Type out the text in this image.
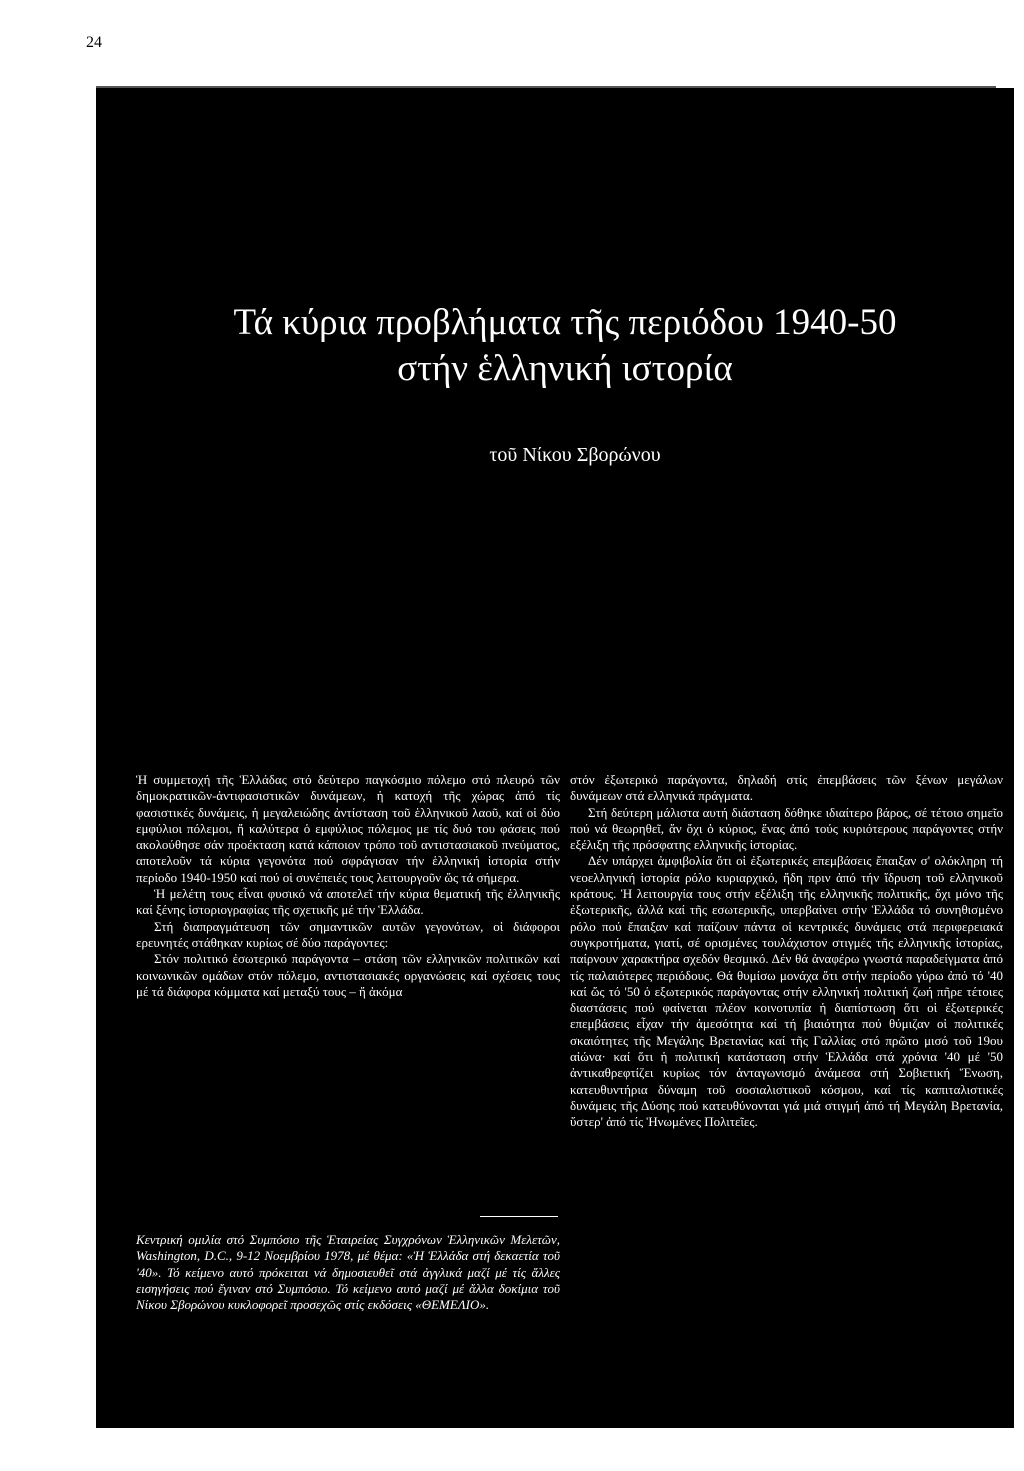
24
Τά κύρια προβλήματα τῆς περιόδου 1940-50
στήν ἑλληνική ιστορία
τοῦ Νίκου Σβορώνου

Ἡ συμμετοχή τῆς Ἑλλάδας στό δεύτερο παγκόσμιο πόλεμο στό πλευρό τῶν δημοκρατικῶν-ἀντιφασιστικῶν δυνάμεων, ἡ κατοχή τῆς χώρας ἀπό τίς φασιστικές δυνάμεις, ἡ μεγαλειώδης ἀντίσταση τοῦ ἑλληνικοῦ λαοῦ, καί οἱ δύο εμφύλιοι πόλεμοι, ἤ καλύτερα ὁ εμφύλιος πόλεμος με τίς δυό του φάσεις πού ακολούθησε σάν προέκταση κατά κάποιον τρόπο τοῦ αντιστασιακοῦ πνεύματος, αποτελοῦν τά κύρια γεγονότα πού σφράγισαν τήν ἑλληνική ἱστορία στήν περίοδο 1940-1950 καί πού οἱ συνέπειές τους λειτουργοῦν ὥς τά σήμερα.

Ἡ μελέτη τους εἶναι φυσικό νά αποτελεῖ τήν κύρια θεματική τῆς ἑλληνικῆς καί ξένης ἱστοριογραφίας τῆς σχετικῆς μέ τήν Ἑλλάδα.

Στή διαπραγμάτευση τῶν σημαντικῶν αυτῶν γεγονότων, οἱ διάφοροι ερευνητές στάθηκαν κυρίως σέ δύο παράγοντες:

Στόν πολιτικό ἐσωτερικό παράγοντα – στάση τῶν ελληνικῶν πολιτικῶν καί κοινωνικῶν ομάδων στόν πόλεμο, αντιστασιακές οργανώσεις καί σχέσεις τους μέ τά διάφορα κόμματα καί μεταξύ τους – ἤ ἀκόμα

Κεντρική ομιλία στό Συμπόσιο τῆς Ἑταιρείας Συγχρόνων Ἑλληνικῶν Μελετῶν, Washington, D.C., 9-12 Νοεμβρίου 1978, μέ θέμα: «Ἡ Ἑλλάδα στή δεκαετία τοῦ '40». Τό κείμενο αυτό πρόκειται νά δημοσιευθεῖ στά ἀγγλικά μαζί μέ τίς ἄλλες εισηγήσεις πού ἔγιναν στό Συμπόσιο. Τό κείμενο αυτό μαζί μέ ἄλλα δοκίμια τοῦ Νίκου Σβορώνου κυκλοφορεῖ προσεχῶς στίς εκδόσεις «ΘΕΜΕΛΙΟ».

στόν ἐξωτερικό παράγοντα, δηλαδή στίς ἐπεμβάσεις τῶν ξένων μεγάλων δυνάμεων στά ελληνικά πράγματα.

Στή δεύτερη μάλιστα αυτή διάσταση δόθηκε ιδιαίτερο βάρος, σέ τέτοιο σημεῖο πού νά θεωρηθεῖ, ἄν ὄχι ὁ κύριος, ἕνας ἀπό τούς κυριότερους παράγοντες στήν εξέλιξη τῆς πρόσφατης ελληνικῆς ἱστορίας.

Δέν υπάρχει ἀμφιβολία ὅτι οἱ ἐξωτερικές επεμβάσεις ἔπαιξαν σ' ολόκληρη τή νεοελληνική ἱστορία ρόλο κυριαρχικό, ἤδη πριν ἀπό τήν ἵδρυση τοῦ ελληνικοῦ κράτους. Ἡ λειτουργία τους στήν εξέλιξη τῆς ελληνικῆς πολιτικῆς, ὄχι μόνο τῆς ἐξωτερικῆς, ἀλλά καί τῆς εσωτερικῆς, υπερβαίνει στήν Ἑλλάδα τό συνηθισμένο ρόλο πού ἔπαιξαν καί παίζουν πάντα οἱ κεντρικές δυνάμεις στά περιφερειακά συγκροτήματα, γιατί, σέ ορισμένες τουλάχιστον στιγμές τῆς ελληνικῆς ἱστορίας, παίρνουν χαρακτήρα σχεδόν θεσμικό. Δέν θά ἀναφέρω γνωστά παραδείγματα ἀπό τίς παλαιότερες περιόδους. Θά θυμίσω μονάχα ὅτι στήν περίοδο γύρω ἀπό τό '40 καί ὥς τό '50 ὁ εξωτερικός παράγοντας στήν ελληνική πολιτική ζωή πῆρε τέτοιες διαστάσεις πού φαίνεται πλέον κοινοτυπία ἡ διαπίστωση ὅτι οἱ ἐξωτερικές επεμβάσεις εἶχαν τήν ἀμεσότητα καί τή βιαιότητα πού θύμιζαν οἱ πολιτικές σκαιότητες τῆς Μεγάλης Βρετανίας καί τῆς Γαλλίας στό πρῶτο μισό τοῦ 19ου αἰώνα· καί ὅτι ἡ πολιτική κατάσταση στήν Ἑλλάδα στά χρόνια '40 μέ '50 ἀντικαθρεφτίζει κυρίως τόν ἀνταγωνισμό ἀνάμεσα στή Σοβιετική Ἕνωση, κατευθυντήρια δύναμη τοῦ σοσιαλιστικοῦ κόσμου, καί τίς καπιταλιστικές δυνάμεις τῆς Δύσης πού κατευθύνονται γιά μιά στιγμή ἀπό τή Μεγάλη Βρετανία, ὕστερ' ἀπό τίς Ἡνωμένες Πολιτεῖες.
